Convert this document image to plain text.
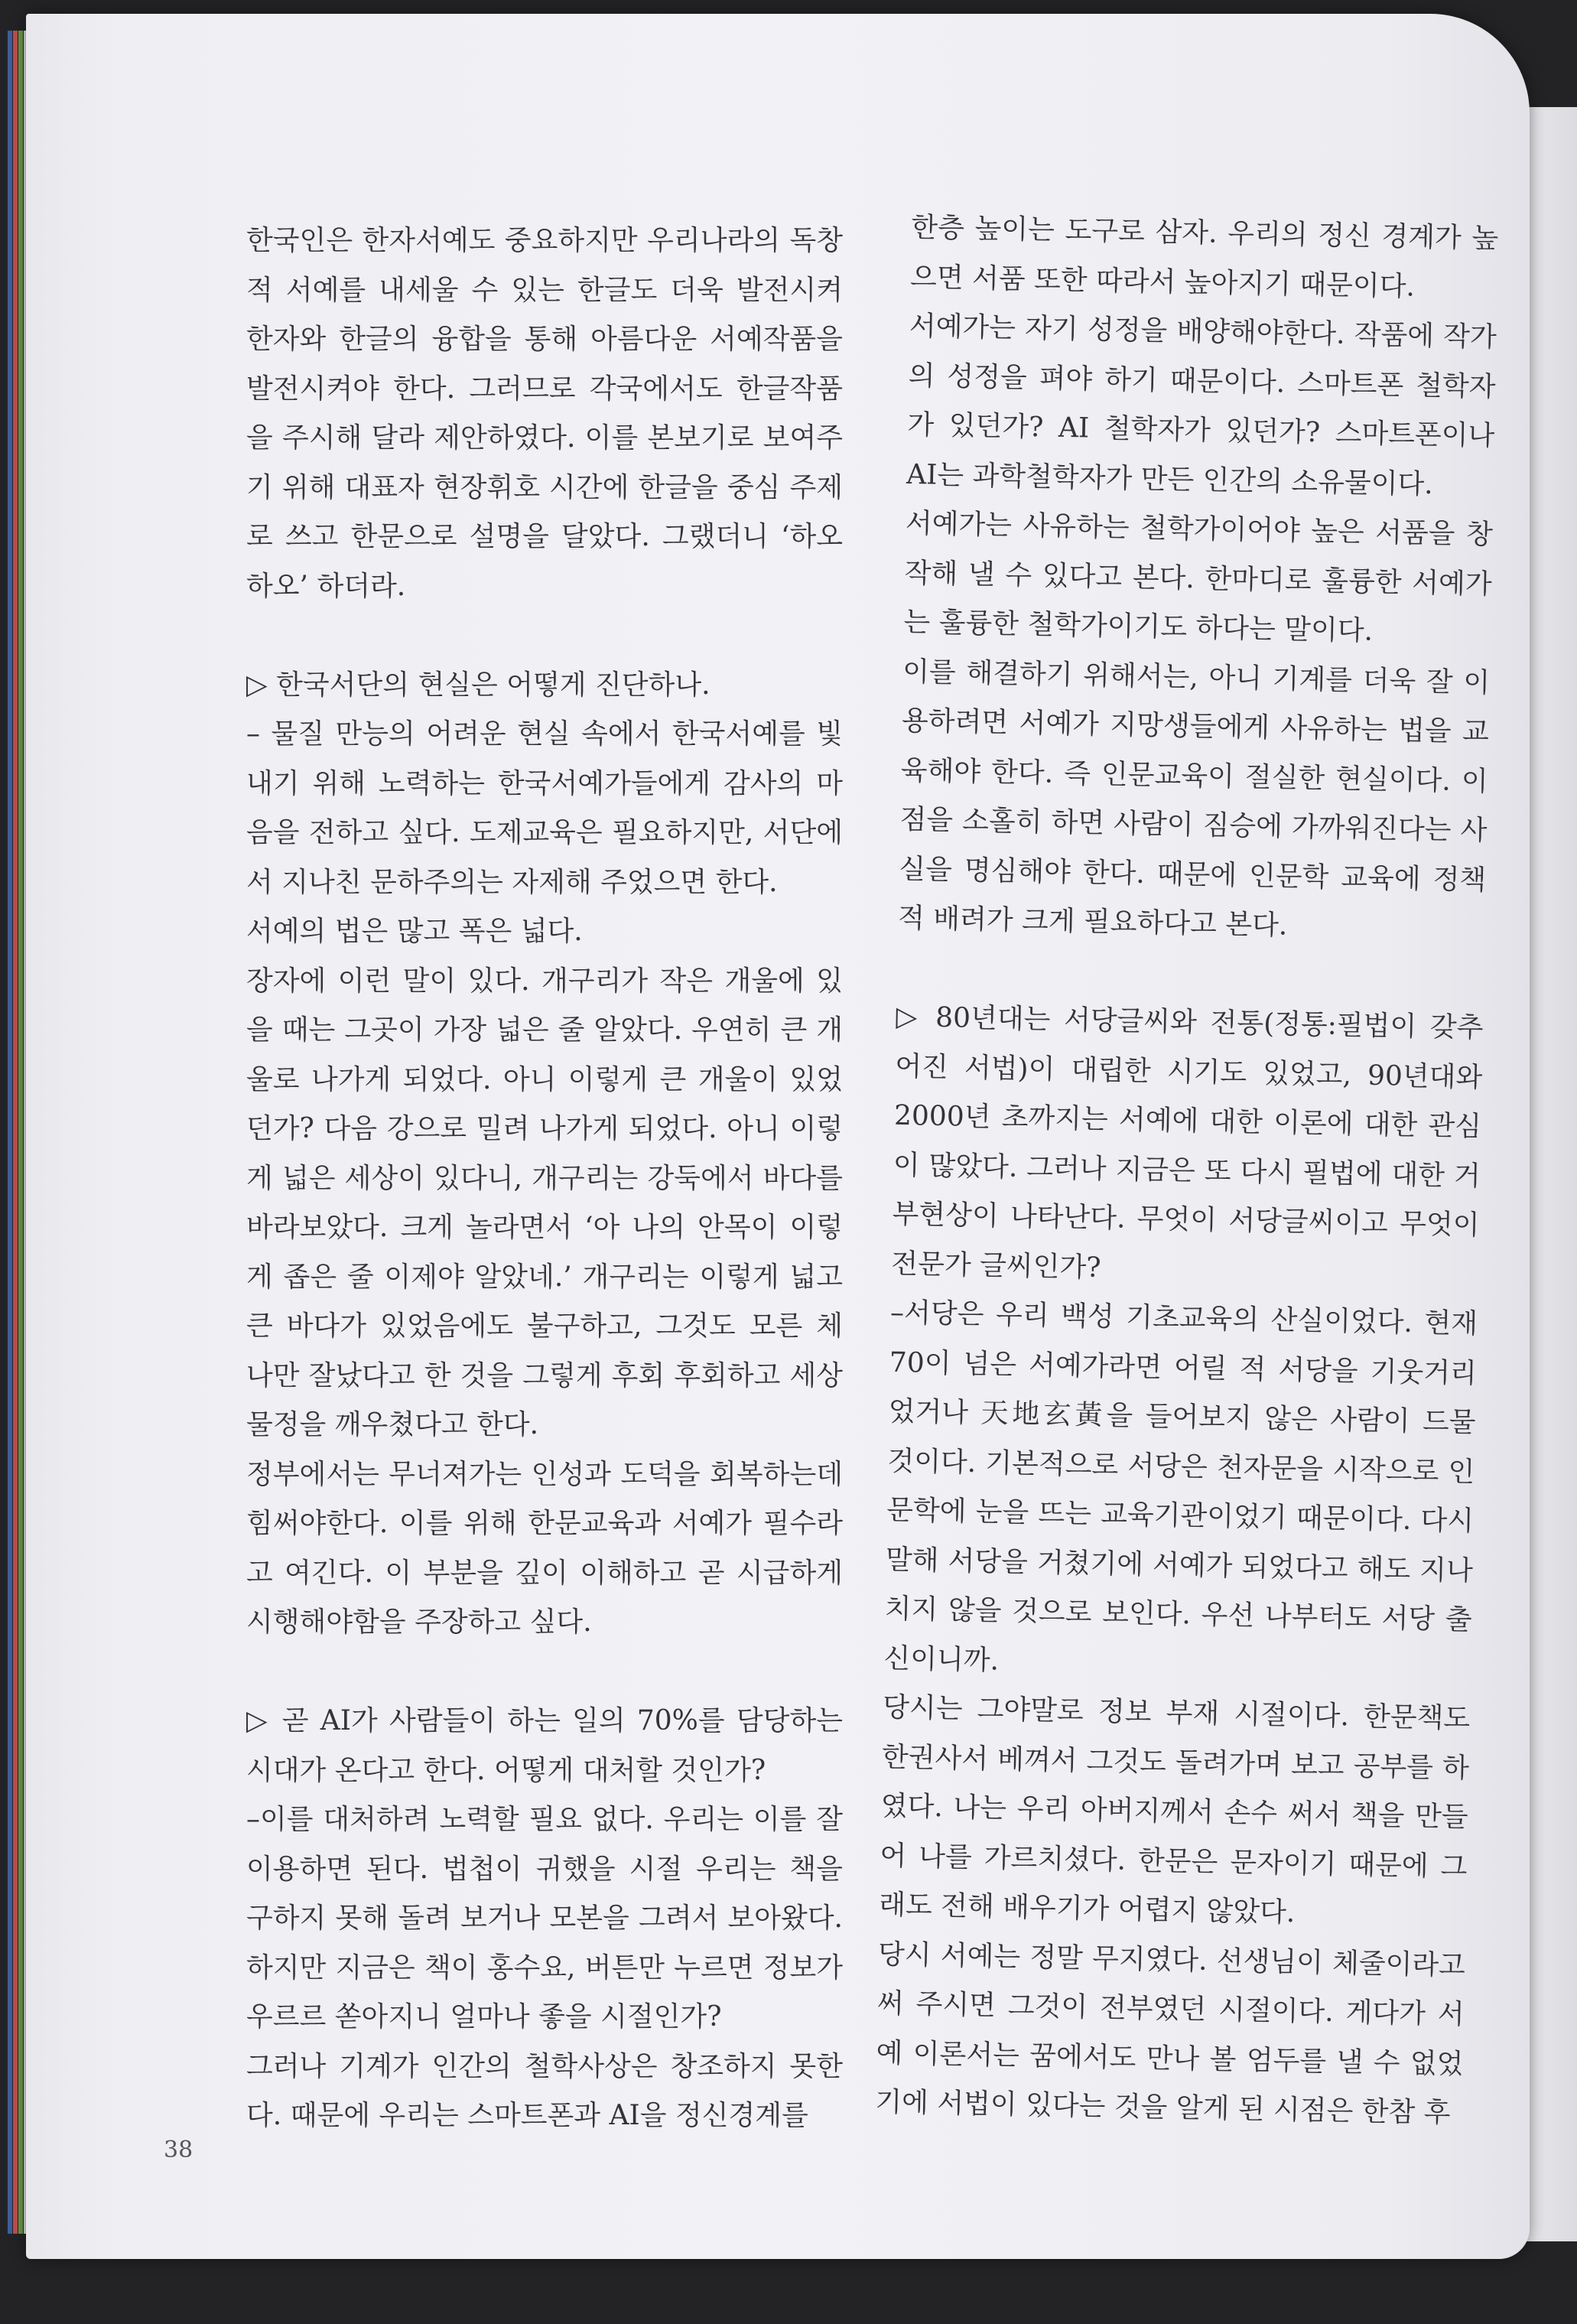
한국인은 한자서예도 중요하지만 우리나라의 독창적 서예를 내세울 수 있는 한글도 더욱 발전시켜 한자와 한글의 융합을 통해 아름다운 서예작품을 발전시켜야 한다. 그러므로 각국에서도 한글작품을 주시해 달라 제안하였다. 이를 본보기로 보여주기 위해 대표자 현장휘호 시간에 한글을 중심 주제로 쓰고 한문으로 설명을 달았다. 그랬더니 ‘하오 하오’ 하더라.
▷ 한국서단의 현실은 어떻게 진단하나.
– 물질 만능의 어려운 현실 속에서 한국서예를 빛내기 위해 노력하는 한국서예가들에게 감사의 마음을 전하고 싶다. 도제교육은 필요하지만, 서단에서 지나친 문하주의는 자제해 주었으면 한다.
서예의 법은 많고 폭은 넓다.
장자에 이런 말이 있다. 개구리가 작은 개울에 있을 때는 그곳이 가장 넓은 줄 알았다. 우연히 큰 개울로 나가게 되었다. 아니 이렇게 큰 개울이 있었던가? 다음 강으로 밀려 나가게 되었다. 아니 이렇게 넓은 세상이 있다니, 개구리는 강둑에서 바다를 바라보았다. 크게 놀라면서 ‘아 나의 안목이 이렇게 좁은 줄 이제야 알았네.’ 개구리는 이렇게 넓고 큰 바다가 있었음에도 불구하고, 그것도 모른 체 나만 잘났다고 한 것을 그렇게 후회 후회하고 세상 물정을 깨우쳤다고 한다.
정부에서는 무너져가는 인성과 도덕을 회복하는데 힘써야한다. 이를 위해 한문교육과 서예가 필수라고 여긴다. 이 부분을 깊이 이해하고 곧 시급하게 시행해야함을 주장하고 싶다.
▷ 곧 AI가 사람들이 하는 일의 70%를 담당하는 시대가 온다고 한다. 어떻게 대처할 것인가?
–이를 대처하려 노력할 필요 없다. 우리는 이를 잘 이용하면 된다. 법첩이 귀했을 시절 우리는 책을 구하지 못해 돌려 보거나 모본을 그려서 보아왔다. 하지만 지금은 책이 홍수요, 버튼만 누르면 정보가 우르르 쏟아지니 얼마나 좋을 시절인가?
그러나 기계가 인간의 철학사상은 창조하지 못한다. 때문에 우리는 스마트폰과 AI을 정신경계를
한층 높이는 도구로 삼자. 우리의 정신 경계가 높으면 서품 또한 따라서 높아지기 때문이다.
서예가는 자기 성정을 배양해야한다. 작품에 작가의 성정을 펴야 하기 때문이다. 스마트폰 철학자가 있던가? AI 철학자가 있던가? 스마트폰이나 AI는 과학철학자가 만든 인간의 소유물이다.
서예가는 사유하는 철학가이어야 높은 서품을 창작해 낼 수 있다고 본다. 한마디로 훌륭한 서예가는 훌륭한 철학가이기도 하다는 말이다.
이를 해결하기 위해서는, 아니 기계를 더욱 잘 이용하려면 서예가 지망생들에게 사유하는 법을 교육해야 한다. 즉 인문교육이 절실한 현실이다. 이 점을 소홀히 하면 사람이 짐승에 가까워진다는 사실을 명심해야 한다. 때문에 인문학 교육에 정책적 배려가 크게 필요하다고 본다.
▷ 80년대는 서당글씨와 전통(정통:필법이 갖추어진 서법)이 대립한 시기도 있었고, 90년대와 2000년 초까지는 서예에 대한 이론에 대한 관심이 많았다. 그러나 지금은 또 다시 필법에 대한 거부현상이 나타난다. 무엇이 서당글씨이고 무엇이 전문가 글씨인가?
–서당은 우리 백성 기초교육의 산실이었다. 현재 70이 넘은 서예가라면 어릴 적 서당을 기웃거리었거나 天地玄黃을 들어보지 않은 사람이 드물 것이다. 기본적으로 서당은 천자문을 시작으로 인문학에 눈을 뜨는 교육기관이었기 때문이다. 다시 말해 서당을 거쳤기에 서예가 되었다고 해도 지나치지 않을 것으로 보인다. 우선 나부터도 서당 출신이니까.
당시는 그야말로 정보 부재 시절이다. 한문책도 한권사서 베껴서 그것도 돌려가며 보고 공부를 하였다. 나는 우리 아버지께서 손수 써서 책을 만들어 나를 가르치셨다. 한문은 문자이기 때문에 그래도 전해 배우기가 어렵지 않았다.
당시 서예는 정말 무지였다. 선생님이 체줄이라고 써 주시면 그것이 전부였던 시절이다. 게다가 서예 이론서는 꿈에서도 만나 볼 엄두를 낼 수 없었기에 서법이 있다는 것을 알게 된 시점은 한참 후
38
